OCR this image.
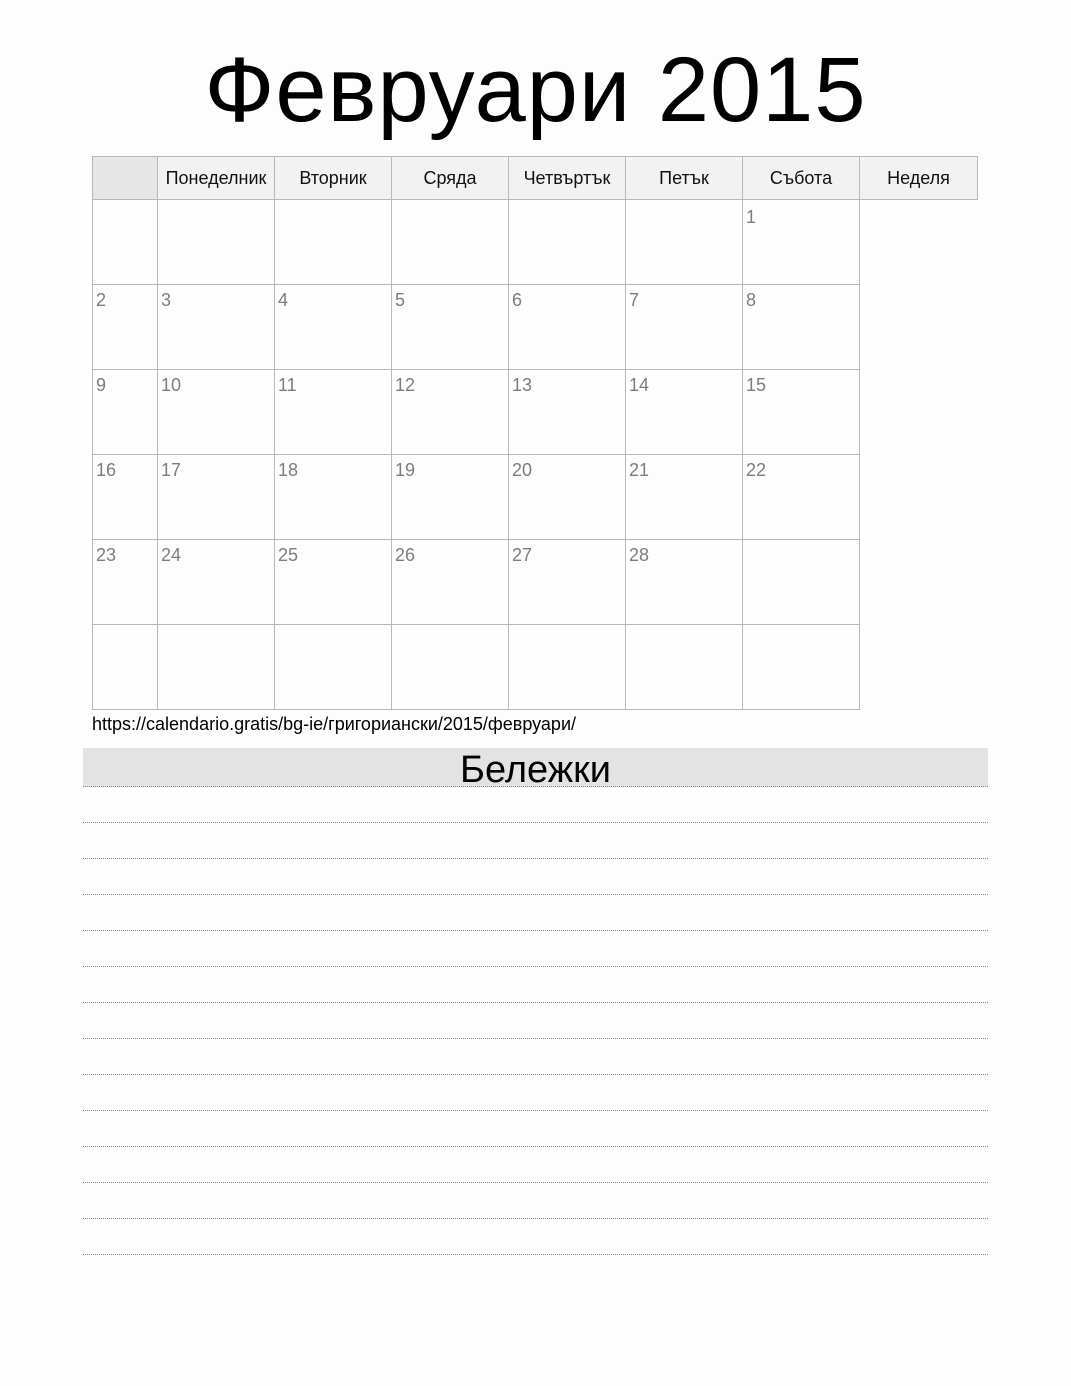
Февруари 2015
	Понеделник	Вторник	Сряда	Четвъртък	Петък	Събота	Неделя

						1	

2	3	4	5	6	7	8	

9	10	11	12	13	14	15	

16	17	18	19	20	21	22	

23	24	25	26	27	28		

https://calendario.gratis/bg-ie/григориански/2015/февруари/
Бележки
